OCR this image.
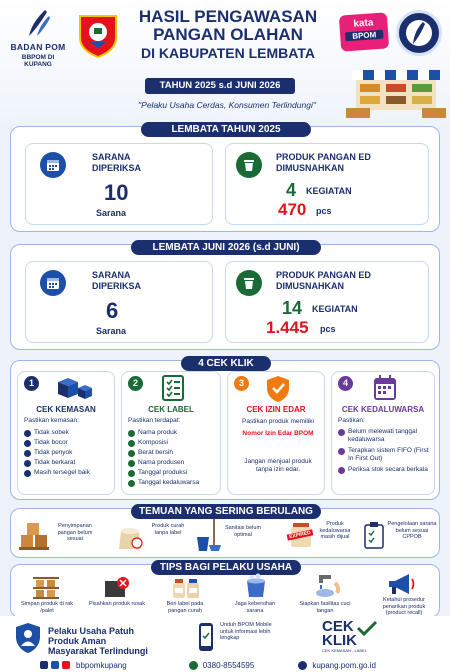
BADAN POM
BBPOM DI KUPANG
HASIL PENGAWASAN
PANGAN OLAHAN
DI KABUPATEN LEMBATA
TAHUN 2025 s.d JUNI 2026
"Pelaku Usaha Cerdas, Konsumen Terlindungi"
kata
BPOM
LEMBATA TAHUN 2025
SARANA
DIPERIKSA
10
Sarana
PRODUK PANGAN ED
DIMUSNAHKAN
4 KEGIATAN
470 pcs
LEMBATA JUNI 2026 (s.d JUNI)
SARANA
DIPERIKSA
6
Sarana
PRODUK PANGAN ED
DIMUSNAHKAN
14 KEGIATAN
1.445 pcs
4 CEK KLIK
1
CEK KEMASAN
Pastikan kemasan:
Tidak sobek
Tidak bocor
Tidak penyok
Tidak berkarat
Masih tersegel baik
2
CEK LABEL
Pastikan terdapat:
Nama produk
Komposisi
Berat bersih
Nama produsen
Tanggal produksi
Tanggal kedaluwarsa
3
CEK IZIN EDAR
Pastikan produk memiliki
Nomor Izin Edar BPOM
Jangan menjual produk tanpa izin edar.
4
CEK KEDALUWARSA
Pastikan:
Belum melewati tanggal kedaluwarsa
Terapkan sistem FIFO (First In First Out)
Periksa stok secara berkala
TEMUAN YANG SERING BERULANG
Penyimpanan pangan belum sesuai
Produk curah tanpa label
Sanitasi belum optimal	EXPIRED
Produk kedaluwarsa masih dijual
Pengelolaan sarana belum sesuai CPPOB
TIPS BAGI PELAKU USAHA
Simpan produk di rak /palet
Pisahkan produk rusak	Beri label pada pangan curah
Jaga kebersihan sarana
Siapkan fasilitas cuci tangan
Ketahui prosedur penarikan produk (product recall)
Pelaku Usaha Patuh
Produk Aman
Masyarakat Terlindungi
Unduh BPOM Mobile untuk informasi lebih lengkap
CEK
KLIK
CEK KEMASAN - LABEL
bbpomkupang	0380-8554595	kupang.pom.go.id
